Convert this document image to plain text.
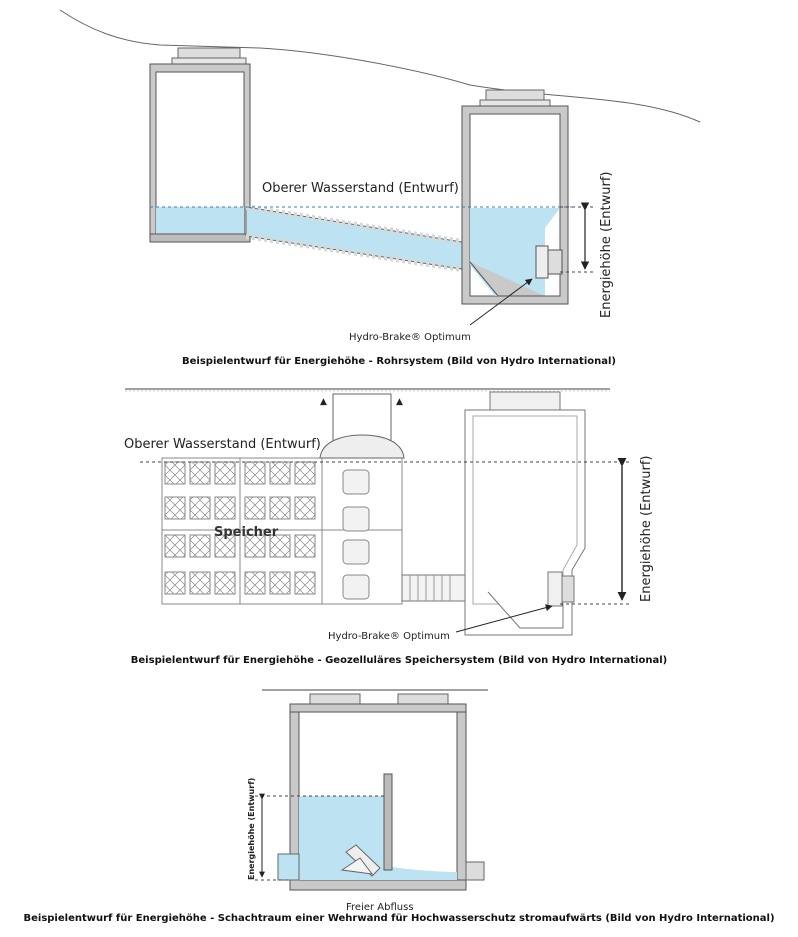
Oberer Wasserstand (Entwurf)	Energiehöhe (Entwurf)
Hydro-Brake® Optimum
Beispielentwurf für Energiehöhe - Rohrsystem (Bild von Hydro International)
▲	▲
Oberer Wasserstand (Entwurf)
Speicher	Energiehöhe (Entwurf)
Hydro-Brake® Optimum
Beispielentwurf für Energiehöhe - Geozelluläres Speichersystem (Bild von Hydro International)
Energiehöhe (Entwurf)
Freier Abfluss
Beispielentwurf für Energiehöhe - Schachtraum einer Wehrwand für Hochwasserschutz stromaufwärts (Bild von Hydro International)
